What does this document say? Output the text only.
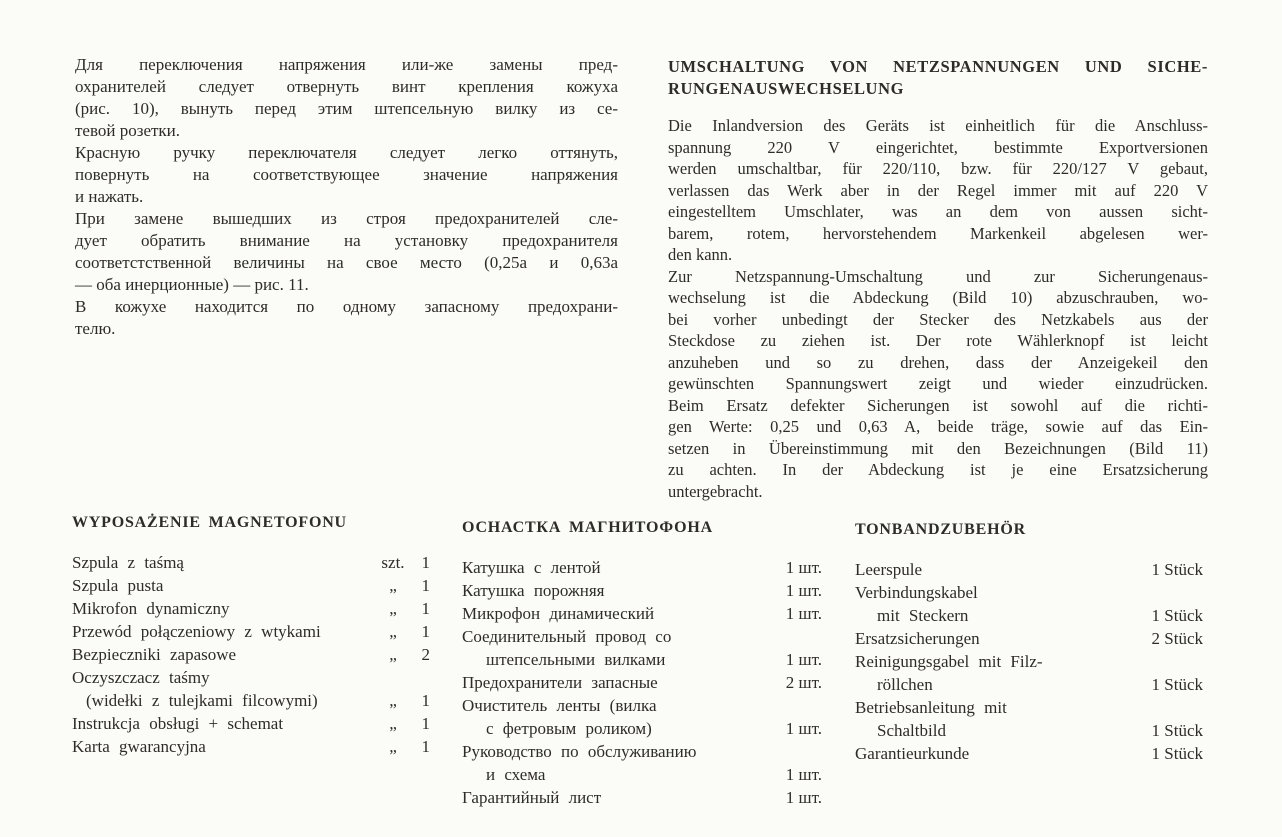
Для переключения напряжения или-же замены пред-
охранителей следует отвернуть винт крепления кожуха
(рис. 10), вынуть перед этим штепсельную вилку из се-
тевой розетки.
Красную ручку переключателя следует легко оттянуть,
повернуть на соответствующее значение напряжения
и нажать.
При замене вышедших из строя предохранителей сле-
дует обратить внимание на установку предохранителя
соответстственной величины на свое место (0,25а и 0,63а
— оба инерционные) — рис. 11.
В кожухе находится по одному запасному предохрани-
телю.
UMSCHALTUNG VON NETZSPANNUNGEN UND SICHE-
RUNGENAUSWECHSELUNG
Die Inlandversion des Geräts ist einheitlich für die Anschluss-
spannung 220 V eingerichtet, bestimmte Exportversionen
werden umschaltbar, für 220/110, bzw. für 220/127 V gebaut,
verlassen das Werk aber in der Regel immer mit auf 220 V
eingestelltem Umschlater, was an dem von aussen sicht-
barem, rotem, hervorstehendem Markenkeil abgelesen wer-
den kann.
Zur Netzspannung-Umschaltung und zur Sicherungenaus-
wechselung ist die Abdeckung (Bild 10) abzuschrauben, wo-
bei vorher unbedingt der Stecker des Netzkabels aus der
Steckdose zu ziehen ist. Der rote Wählerknopf ist leicht
anzuheben und so zu drehen, dass der Anzeigekeil den
gewünschten Spannungswert zeigt und wieder einzudrücken.
Beim Ersatz defekter Sicherungen ist sowohl auf die richti-
gen Werte: 0,25 und 0,63 A, beide träge, sowie auf das Ein-
setzen in Übereinstimmung mit den Bezeichnungen (Bild 11)
zu achten. In der Abdeckung ist je eine Ersatzsicherung
untergebracht.
WYPOSAŻENIE MAGNETOFONU
Szpula z taśmą	szt. 1
Szpula pusta	„	1
Mikrofon dynamiczny	„	1
Przewód połączeniowy z wtykami	„	1
Bezpieczniki zapasowe	„	2
Oczyszczacz taśmy
(widełki z tulejkami filcowymi)	„	1
Instrukcja obsługi + schemat	„	1
Karta gwarancyjna	„	1
ОСНАСТКА МАГНИТОФОНА
Катушка с лентой	1 шт.
Катушка порожняя	1 шт.
Микрофон динамический	1 шт.
Соединительный провод со
штепсельными вилками	1 шт.
Предохранители запасные	2 шт.
Очиститель ленты (вилка
с фетровым роликом)	1 шт.
Руководство по обслуживанию
и схема	1 шт.
Гарантийный лист	1 шт.
TONBANDZUBEHÖR
Leerspule	1 Stück
Verbindungskabel
mit Steckern	1 Stück
Ersatzsicherungen	2 Stück
Reinigungsgabel mit Filz-
röllchen	1 Stück
Betriebsanleitung mit
Schaltbild	1 Stück
Garantieurkunde	1 Stück
